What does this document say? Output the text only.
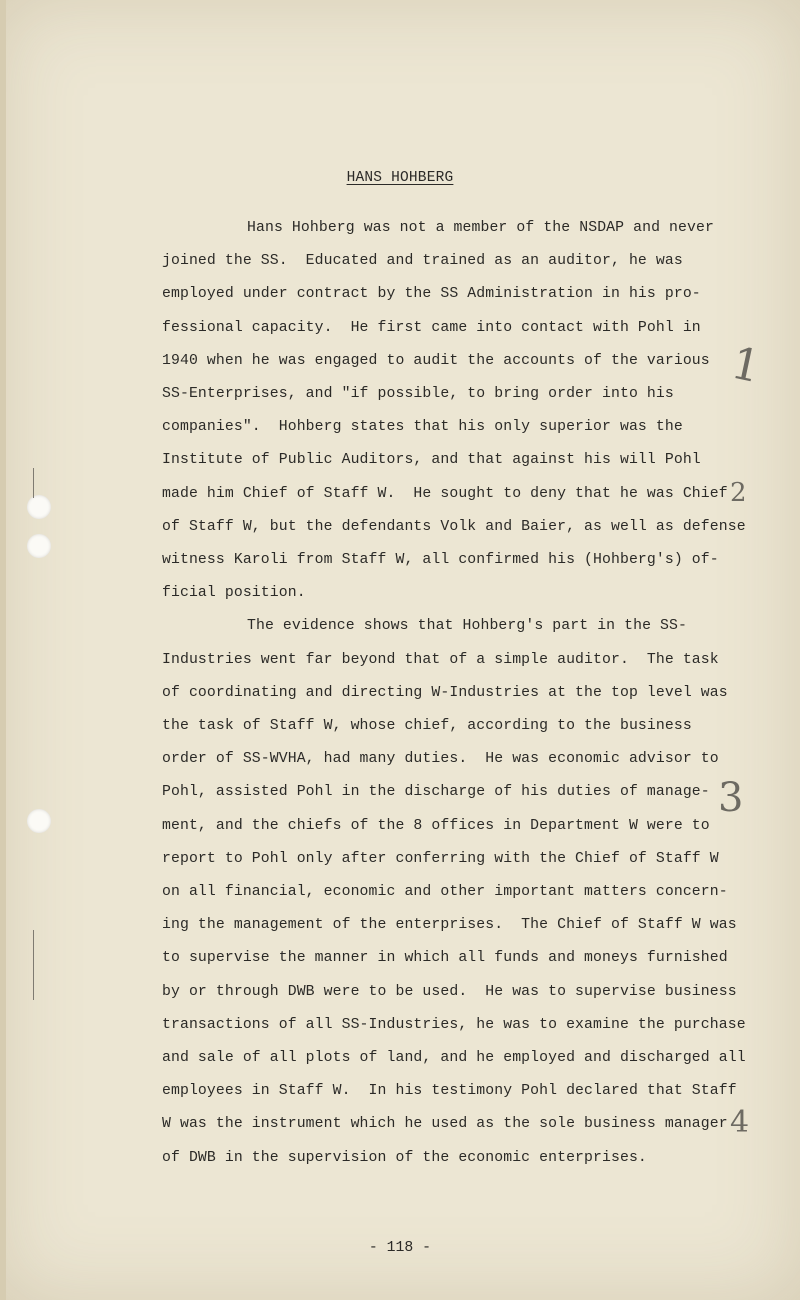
HANS HOHBERG
Hans Hohberg was not a member of the NSDAP and never
joined the SS.  Educated and trained as an auditor, he was
employed under contract by the SS Administration in his pro-
fessional capacity.  He first came into contact with Pohl in
1940 when he was engaged to audit the accounts of the various
SS-Enterprises, and "if possible, to bring order into his
companies".  Hohberg states that his only superior was the
Institute of Public Auditors, and that against his will Pohl
made him Chief of Staff W.  He sought to deny that he was Chief
of Staff W, but the defendants Volk and Baier, as well as defense
witness Karoli from Staff W, all confirmed his (Hohberg's) of-
ficial position.
The evidence shows that Hohberg's part in the SS-
Industries went far beyond that of a simple auditor.  The task
of coordinating and directing W-Industries at the top level was
the task of Staff W, whose chief, according to the business
order of SS-WVHA, had many duties.  He was economic advisor to
Pohl, assisted Pohl in the discharge of his duties of manage-
ment, and the chiefs of the 8 offices in Department W were to
report to Pohl only after conferring with the Chief of Staff W
on all financial, economic and other important matters concern-
ing the management of the enterprises.  The Chief of Staff W was
to supervise the manner in which all funds and moneys furnished
by or through DWB were to be used.  He was to supervise business
transactions of all SS-Industries, he was to examine the purchase
and sale of all plots of land, and he employed and discharged all
employees in Staff W.  In his testimony Pohl declared that Staff
W was the instrument which he used as the sole business manager
of DWB in the supervision of the economic enterprises.
1
2
3
4
- 118 -
